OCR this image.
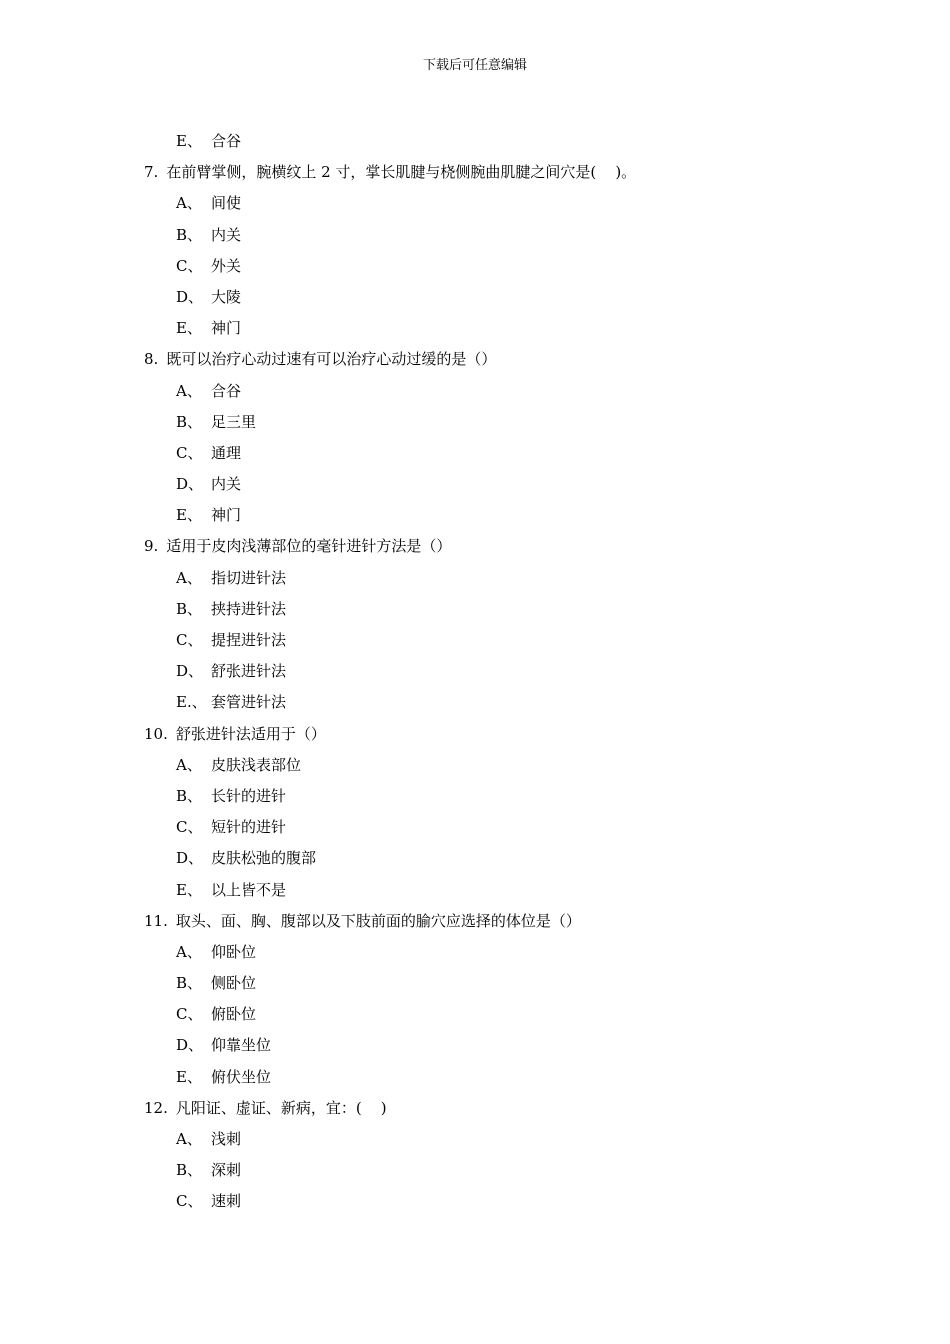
下载后可任意编辑
E、 合谷
7. 在前臂掌侧，腕横纹上 2 寸，掌长肌腱与桡侧腕曲肌腱之间穴是(    )。
A、 间使
B、 内关
C、 外关
D、 大陵
E、 神门
8. 既可以治疗心动过速有可以治疗心动过缓的是（）
A、 合谷
B、 足三里
C、 通理
D、 内关
E、 神门
9. 适用于皮肉浅薄部位的毫针进针方法是（）
A、 指切进针法
B、 挟持进针法
C、 提捏进针法
D、 舒张进针法
E.、 套管进针法
10. 舒张进针法适用于（）
A、 皮肤浅表部位
B、 长针的进针
C、 短针的进针
D、 皮肤松弛的腹部
E、 以上皆不是
11. 取头、面、胸、腹部以及下肢前面的腧穴应选择的体位是（）
A、 仰卧位
B、 侧卧位
C、 俯卧位
D、 仰靠坐位
E、 俯伏坐位
12. 凡阳证、虚证、新病，宜：(    )
A、 浅刺
B、 深刺
C、 速刺
